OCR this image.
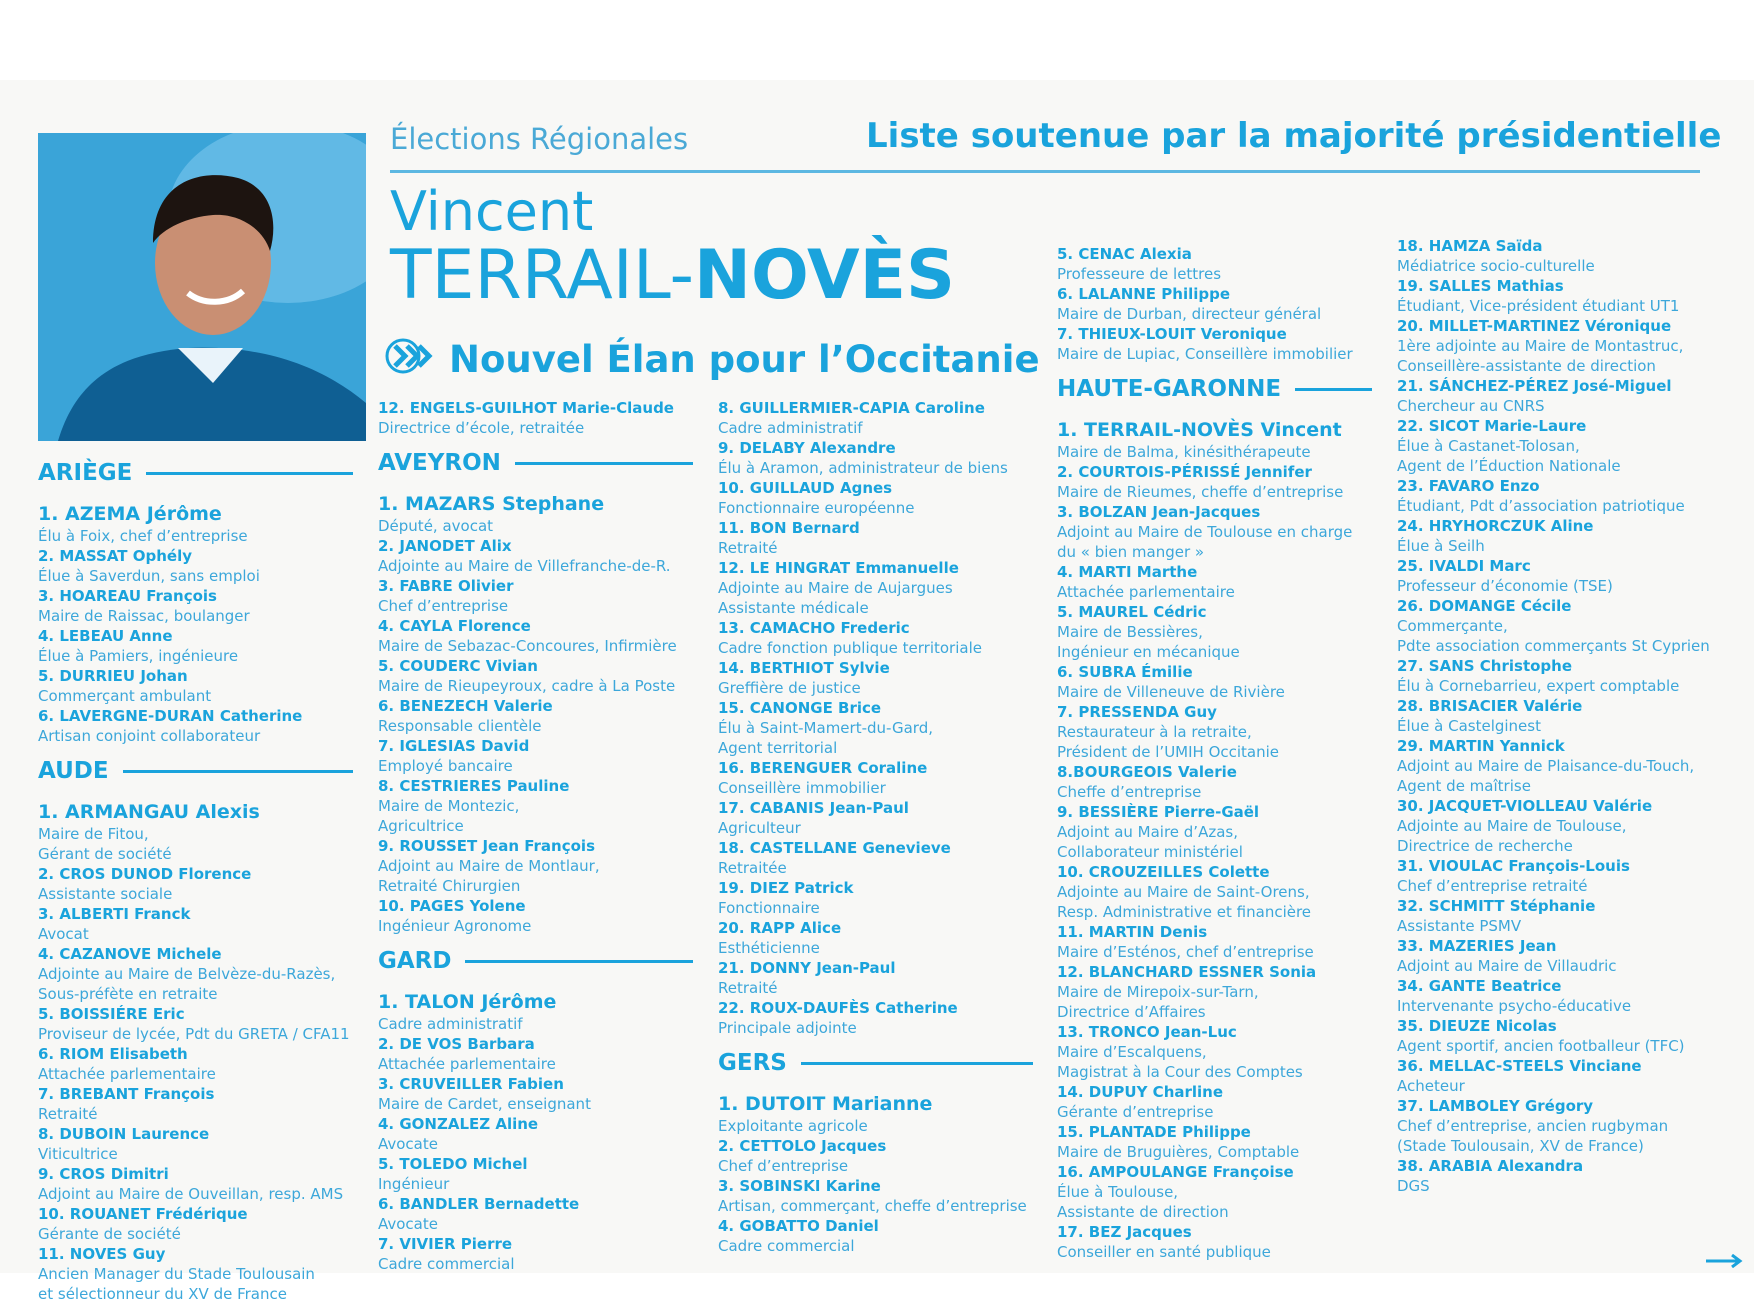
Élections Régionales	Liste soutenue par la majorité présidentielle
Vincent
TERRAIL-NOVÈS
Nouvel Élan pour l’Occitanie
ARIÈGE
1. AZEMA Jérôme
Élu à Foix, chef d’entreprise
2. MASSAT Ophély
Élue à Saverdun, sans emploi
3. HOAREAU François
Maire de Raissac, boulanger
4. LEBEAU Anne
Élue à Pamiers, ingénieure
5. DURRIEU Johan
Commerçant ambulant
6. LAVERGNE-DURAN Catherine
Artisan conjoint collaborateur
AUDE
1. ARMANGAU Alexis
Maire de Fitou,
Gérant de société
2. CROS DUNOD Florence
Assistante sociale
3. ALBERTI Franck
Avocat
4. CAZANOVE Michele
Adjointe au Maire de Belvèze-du-Razès,
Sous-préfète en retraite
5. BOISSIÉRE Eric
Proviseur de lycée, Pdt du GRETA / CFA11
6. RIOM Elisabeth
Attachée parlementaire
7. BREBANT François
Retraité
8. DUBOIN Laurence
Viticultrice
9. CROS Dimitri
Adjoint au Maire de Ouveillan, resp. AMS
10. ROUANET Frédérique
Gérante de société
11. NOVES Guy
Ancien Manager du Stade Toulousain
et sélectionneur du XV de France
12. ENGELS-GUILHOT Marie-Claude
Directrice d’école, retraitée
AVEYRON
1. MAZARS Stephane
Député, avocat
2. JANODET Alix
Adjointe au Maire de Villefranche-de-R.
3. FABRE Olivier
Chef d’entreprise
4. CAYLA Florence
Maire de Sebazac-Concoures, Infirmière
5. COUDERC Vivian
Maire de Rieupeyroux, cadre à La Poste
6. BENEZECH Valerie
Responsable clientèle
7. IGLESIAS David
Employé bancaire
8. CESTRIERES Pauline
Maire de Montezic,
Agricultrice
9. ROUSSET Jean François
Adjoint au Maire de Montlaur,
Retraité Chirurgien
10. PAGES Yolene
Ingénieur Agronome
GARD
1. TALON Jérôme
Cadre administratif
2. DE VOS Barbara
Attachée parlementaire
3. CRUVEILLER Fabien
Maire de Cardet, enseignant
4. GONZALEZ Aline
Avocate
5. TOLEDO Michel
Ingénieur
6. BANDLER Bernadette
Avocate
7. VIVIER Pierre
Cadre commercial
8. GUILLERMIER-CAPIA Caroline
Cadre administratif
9. DELABY Alexandre
Élu à Aramon, administrateur de biens
10. GUILLAUD Agnes
Fonctionnaire européenne
11. BON Bernard
Retraité
12. LE HINGRAT Emmanuelle
Adjointe au Maire de Aujargues
Assistante médicale
13. CAMACHO Frederic
Cadre fonction publique territoriale
14. BERTHIOT Sylvie
Greffière de justice
15. CANONGE Brice
Élu à Saint-Mamert-du-Gard,
Agent territorial
16. BERENGUER Coraline
Conseillère immobilier
17. CABANIS Jean-Paul
Agriculteur
18. CASTELLANE Genevieve
Retraitée
19. DIEZ Patrick
Fonctionnaire
20. RAPP Alice
Esthéticienne
21. DONNY Jean-Paul
Retraité
22. ROUX-DAUFÈS Catherine
Principale adjointe
GERS
1. DUTOIT Marianne
Exploitante agricole
2. CETTOLO Jacques
Chef d’entreprise
3. SOBINSKI Karine
Artisan, commerçant, cheffe d’entreprise
4. GOBATTO Daniel
Cadre commercial
5. CENAC Alexia
Professeure de lettres
6. LALANNE Philippe
Maire de Durban, directeur général
7. THIEUX-LOUIT Veronique
Maire de Lupiac, Conseillère immobilier
HAUTE-GARONNE
1. TERRAIL-NOVÈS Vincent
Maire de Balma, kinésithérapeute
2. COURTOIS-PÉRISSÉ Jennifer
Maire de Rieumes, cheffe d’entreprise
3. BOLZAN Jean-Jacques
Adjoint au Maire de Toulouse en charge
du « bien manger »
4. MARTI Marthe
Attachée parlementaire
5. MAUREL Cédric
Maire de Bessières,
Ingénieur en mécanique
6. SUBRA Émilie
Maire de Villeneuve de Rivière
7. PRESSENDA Guy
Restaurateur à la retraite,
Président de l’UMIH Occitanie
8.BOURGEOIS Valerie
Cheffe d’entreprise
9. BESSIÈRE Pierre-Gaël
Adjoint au Maire d’Azas,
Collaborateur ministériel
10. CROUZEILLES Colette
Adjointe au Maire de Saint-Orens,
Resp. Administrative et financière
11. MARTIN Denis
Maire d’Esténos, chef d’entreprise
12. BLANCHARD ESSNER Sonia
Maire de Mirepoix-sur-Tarn,
Directrice d’Affaires
13. TRONCO Jean-Luc
Maire d’Escalquens,
Magistrat à la Cour des Comptes
14. DUPUY Charline
Gérante d’entreprise
15. PLANTADE Philippe
Maire de Bruguières, Comptable
16. AMPOULANGE Françoise
Élue à Toulouse,
Assistante de direction
17. BEZ Jacques
Conseiller en santé publique
18. HAMZA Saïda
Médiatrice socio-culturelle
19. SALLES Mathias
Étudiant, Vice-président étudiant UT1
20. MILLET-MARTINEZ Véronique
1ère adjointe au Maire de Montastruc,
Conseillère-assistante de direction
21. SÁNCHEZ-PÉREZ José-Miguel
Chercheur au CNRS
22. SICOT Marie-Laure
Élue à Castanet-Tolosan,
Agent de l’Éduction Nationale
23. FAVARO Enzo
Étudiant, Pdt d’association patriotique
24. HRYHORCZUK Aline
Élue à Seilh
25. IVALDI Marc
Professeur d’économie (TSE)
26. DOMANGE Cécile
Commerçante,
Pdte association commerçants St Cyprien
27. SANS Christophe
Élu à Cornebarrieu, expert comptable
28. BRISACIER Valérie
Élue à Castelginest
29. MARTIN Yannick
Adjoint au Maire de Plaisance-du-Touch,
Agent de maîtrise
30. JACQUET-VIOLLEAU Valérie
Adjointe au Maire de Toulouse,
Directrice de recherche
31. VIOULAC François-Louis
Chef d’entreprise retraité
32. SCHMITT Stéphanie
Assistante PSMV
33. MAZERIES Jean
Adjoint au Maire de Villaudric
34. GANTE Beatrice
Intervenante psycho-éducative
35. DIEUZE Nicolas
Agent sportif, ancien footballeur (TFC)
36. MELLAC-STEELS Vinciane
Acheteur
37. LAMBOLEY Grégory
Chef d’entreprise, ancien rugbyman
(Stade Toulousain, XV de France)
38. ARABIA Alexandra
DGS
